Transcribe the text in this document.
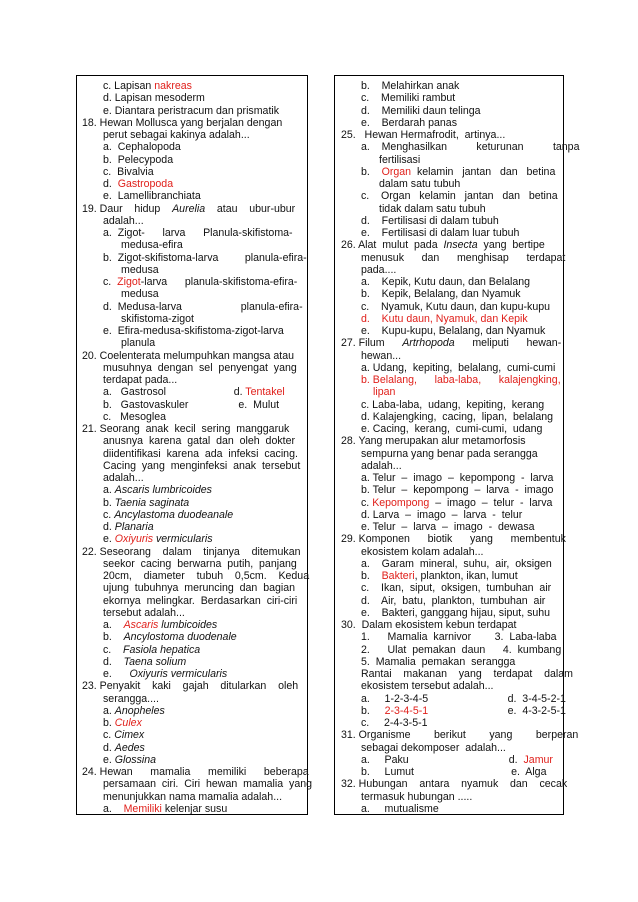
c. Lapisan nakreas
d. Lapisan mesoderm
e. Diantara peristracum dan prismatik
18. Hewan Mollusca yang berjalan dengan
perut sebagai kakinya adalah...
a.  Cephalopoda
b.  Pelecypoda
c.  Bivalvia
d.  Gastropoda
e.  Lamellibranchiata
19. Daur    hidup    Aurelia    atau    ubur-ubur
adalah...
a.  Zigot-      larva      Planula-skifistoma-
medusa-efira
b.  Zigot-skifistoma-larva         planula-efira-
medusa
c.  Zigot-larva      planula-skifistoma-efira-
medusa
d.  Medusa-larva                    planula-efira-
skifistoma-zigot
e.  Efira-medusa-skifistoma-zigot-larva
planula
20. Coelenterata melumpuhkan mangsa atau
musuhnya  dengan  sel  penyengat  yang
terdapat pada...
a.   Gastrosol                       d. Tentakel
b.   Gastovaskuler                 e.  Mulut
c.   Mesoglea
21. Seorang  anak  kecil  sering  manggaruk
anusnya  karena  gatal  dan  oleh  dokter
diidentifikasi  karena  ada  infeksi  cacing.
Cacing  yang  menginfeksi  anak  tersebut
adalah...
a. Ascaris lumbricoides
b. Taenia saginata
c. Ancylastoma duodeanale
d. Planaria
e. Oxiyuris vermicularis
22. Seseorang    dalam    tinjanya    ditemukan
seekor  cacing  berwarna  putih,  panjang
20cm,    diameter    tubuh    0,5cm.    Kedua
ujung  tubuhnya  meruncing  dan  bagian
ekornya  melingkar.  Berdasarkan  ciri-ciri
tersebut adalah...
a.    Ascaris lumbicoides
b.    Ancylostoma duodenale
c.    Fasiola hepatica
d.    Taena solium
e.      Oxiyuris vermicularis
23. Penyakit    kaki    gajah    ditularkan    oleh
serangga....
a. Anopheles
b. Culex
c. Cimex
d. Aedes
e. Glossina
24. Hewan      mamalia      memiliki      beberapa
persamaan  ciri.  Ciri  hewan  mamalia  yang
menunjukkan nama mamalia adalah...
a.    Memiliki kelenjar susu
b.    Melahirkan anak
c.    Memiliki rambut
d.    Memiliki daun telinga
e.    Berdarah panas
25.   Hewan Hermafrodit,  artinya...
a.    Menghasilkan          keturunan          tanpa
fertilisasi
b.    Organ  kelamin   jantan   dan   betina
dalam satu tubuh
c.    Organ   kelamin   jantan   dan   betina
tidak dalam satu tubuh
d.    Fertilisasi di dalam tubuh
e.    Fertilisasi di dalam luar tubuh
26. Alat  mulut  pada  Insecta  yang  bertipe
menusuk      dan      menghisap      terdapat
pada....
a.    Kepik, Kutu daun, dan Belalang
b.    Kepik, Belalang, dan Nyamuk
c.    Nyamuk, Kutu daun, dan kupu-kupu
d.    Kutu daun, Nyamuk, dan Kepik
e.    Kupu-kupu, Belalang, dan Nyamuk
27. Filum      Artrhopoda      meliputi      hewan-
hewan...
a. Udang,  kepiting,  belalang,  cumi-cumi
b. Belalang,      laba-laba,      kalajengking,
lipan
c. Laba-laba,  udang,  kepiting,  kerang
d. Kalajengking,  cacing,  lipan,  belalang
e. Cacing,  kerang,  cumi-cumi,  udang
28. Yang merupakan alur metamorfosis
sempurna yang benar pada serangga
adalah...
a. Telur  –  imago  –  kepompong  -  larva
b. Telur  –  kepompong  –  larva  -  imago
c. Kepompong  –  imago  –  telur  -  larva
d. Larva  –  imago  –  larva  -  telur
e. Telur  –  larva  –  imago  -  dewasa
29. Komponen      biotik      yang      membentuk
ekosistem kolam adalah...
a.    Garam  mineral,  suhu,  air,  oksigen
b.    Bakteri, plankton, ikan, lumut
c.    Ikan,  siput,  oksigen,  tumbuhan  air
d.    Air,  batu,  plankton,  tumbuhan  air
e.    Bakteri, ganggang hijau, siput, suhu
30.  Dalam ekosistem kebun terdapat
1.      Mamalia  karnivor        3.  Laba-laba
2.      Ulat  pemakan  daun      4.  kumbang
5.  Mamalia  pemakan  serangga
Rantai    makanan    yang    terdapat    dalam
ekosistem tersebut adalah...
a.     1-2-3-4-5                           d.  3-4-5-2-1
b.     2-3-4-5-1                           e.  4-3-2-5-1
c.     2-4-3-5-1
31. Organisme        berikut        yang        berperan
sebagai dekomposer  adalah...
a.     Paku                                  d.  Jamur
b.     Lumut                                 e.  Alga
32. Hubungan    antara    nyamuk    dan    cecak
termasuk hubungan .....
a.     mutualisme
